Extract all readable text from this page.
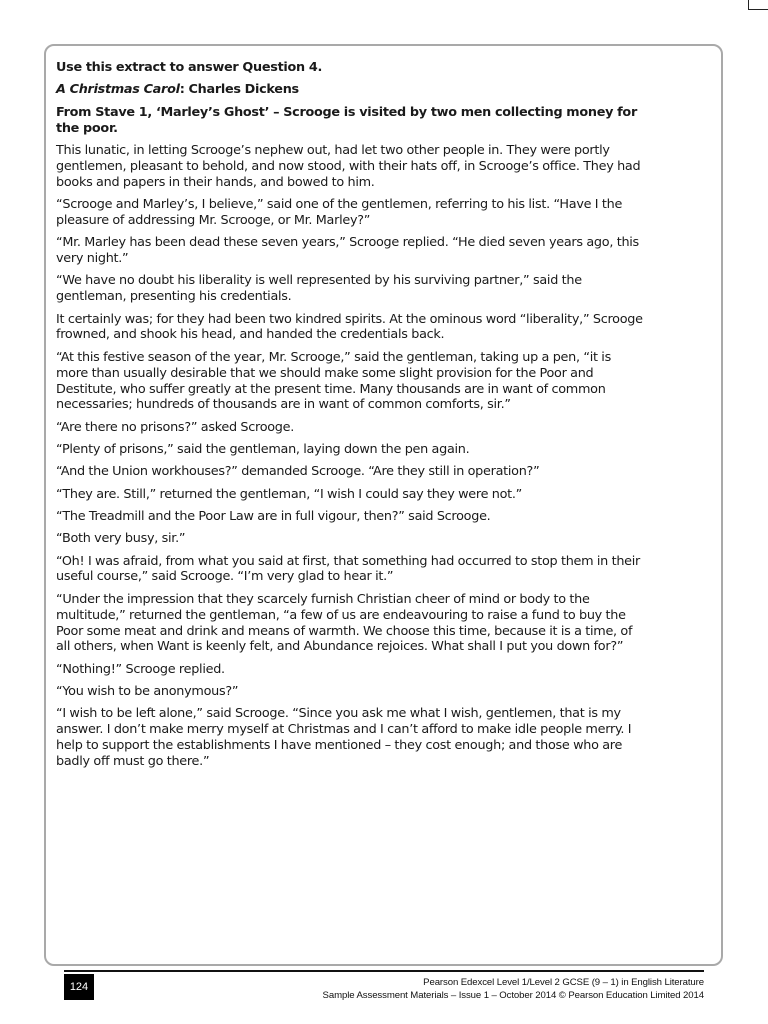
Use this extract to answer Question 4.

A Christmas Carol: Charles Dickens

From Stave 1, ‘Marley’s Ghost’ – Scrooge is visited by two men collecting money for the poor.

This lunatic, in letting Scrooge’s nephew out, had let two other people in. They were portly gentlemen, pleasant to behold, and now stood, with their hats off, in Scrooge’s office. They had books and papers in their hands, and bowed to him.

“Scrooge and Marley’s, I believe,” said one of the gentlemen, referring to his list. “Have I the pleasure of addressing Mr. Scrooge, or Mr. Marley?”

“Mr. Marley has been dead these seven years,” Scrooge replied. “He died seven years ago, this very night.”

“We have no doubt his liberality is well represented by his surviving partner,” said the gentleman, presenting his credentials.

It certainly was; for they had been two kindred spirits. At the ominous word “liberality,” Scrooge frowned, and shook his head, and handed the credentials back.

“At this festive season of the year, Mr. Scrooge,” said the gentleman, taking up a pen, “it is more than usually desirable that we should make some slight provision for the Poor and Destitute, who suffer greatly at the present time. Many thousands are in want of common necessaries; hundreds of thousands are in want of common comforts, sir.”

“Are there no prisons?” asked Scrooge.

“Plenty of prisons,” said the gentleman, laying down the pen again.

“And the Union workhouses?” demanded Scrooge. “Are they still in operation?”

“They are. Still,” returned the gentleman, “I wish I could say they were not.”

“The Treadmill and the Poor Law are in full vigour, then?” said Scrooge.

“Both very busy, sir.”

“Oh! I was afraid, from what you said at first, that something had occurred to stop them in their useful course,” said Scrooge. “I’m very glad to hear it.”

“Under the impression that they scarcely furnish Christian cheer of mind or body to the multitude,” returned the gentleman, “a few of us are endeavouring to raise a fund to buy the Poor some meat and drink and means of warmth. We choose this time, because it is a time, of all others, when Want is keenly felt, and Abundance rejoices. What shall I put you down for?”

“Nothing!” Scrooge replied.

“You wish to be anonymous?”

“I wish to be left alone,” said Scrooge. “Since you ask me what I wish, gentlemen, that is my answer. I don’t make merry myself at Christmas and I can’t afford to make idle people merry. I help to support the establishments I have mentioned – they cost enough; and those who are badly off must go there.”

124	Pearson Edexcel Level 1/Level 2 GCSE (9 – 1) in English Literature
Sample Assessment Materials – Issue 1 – October 2014 © Pearson Education Limited 2014
